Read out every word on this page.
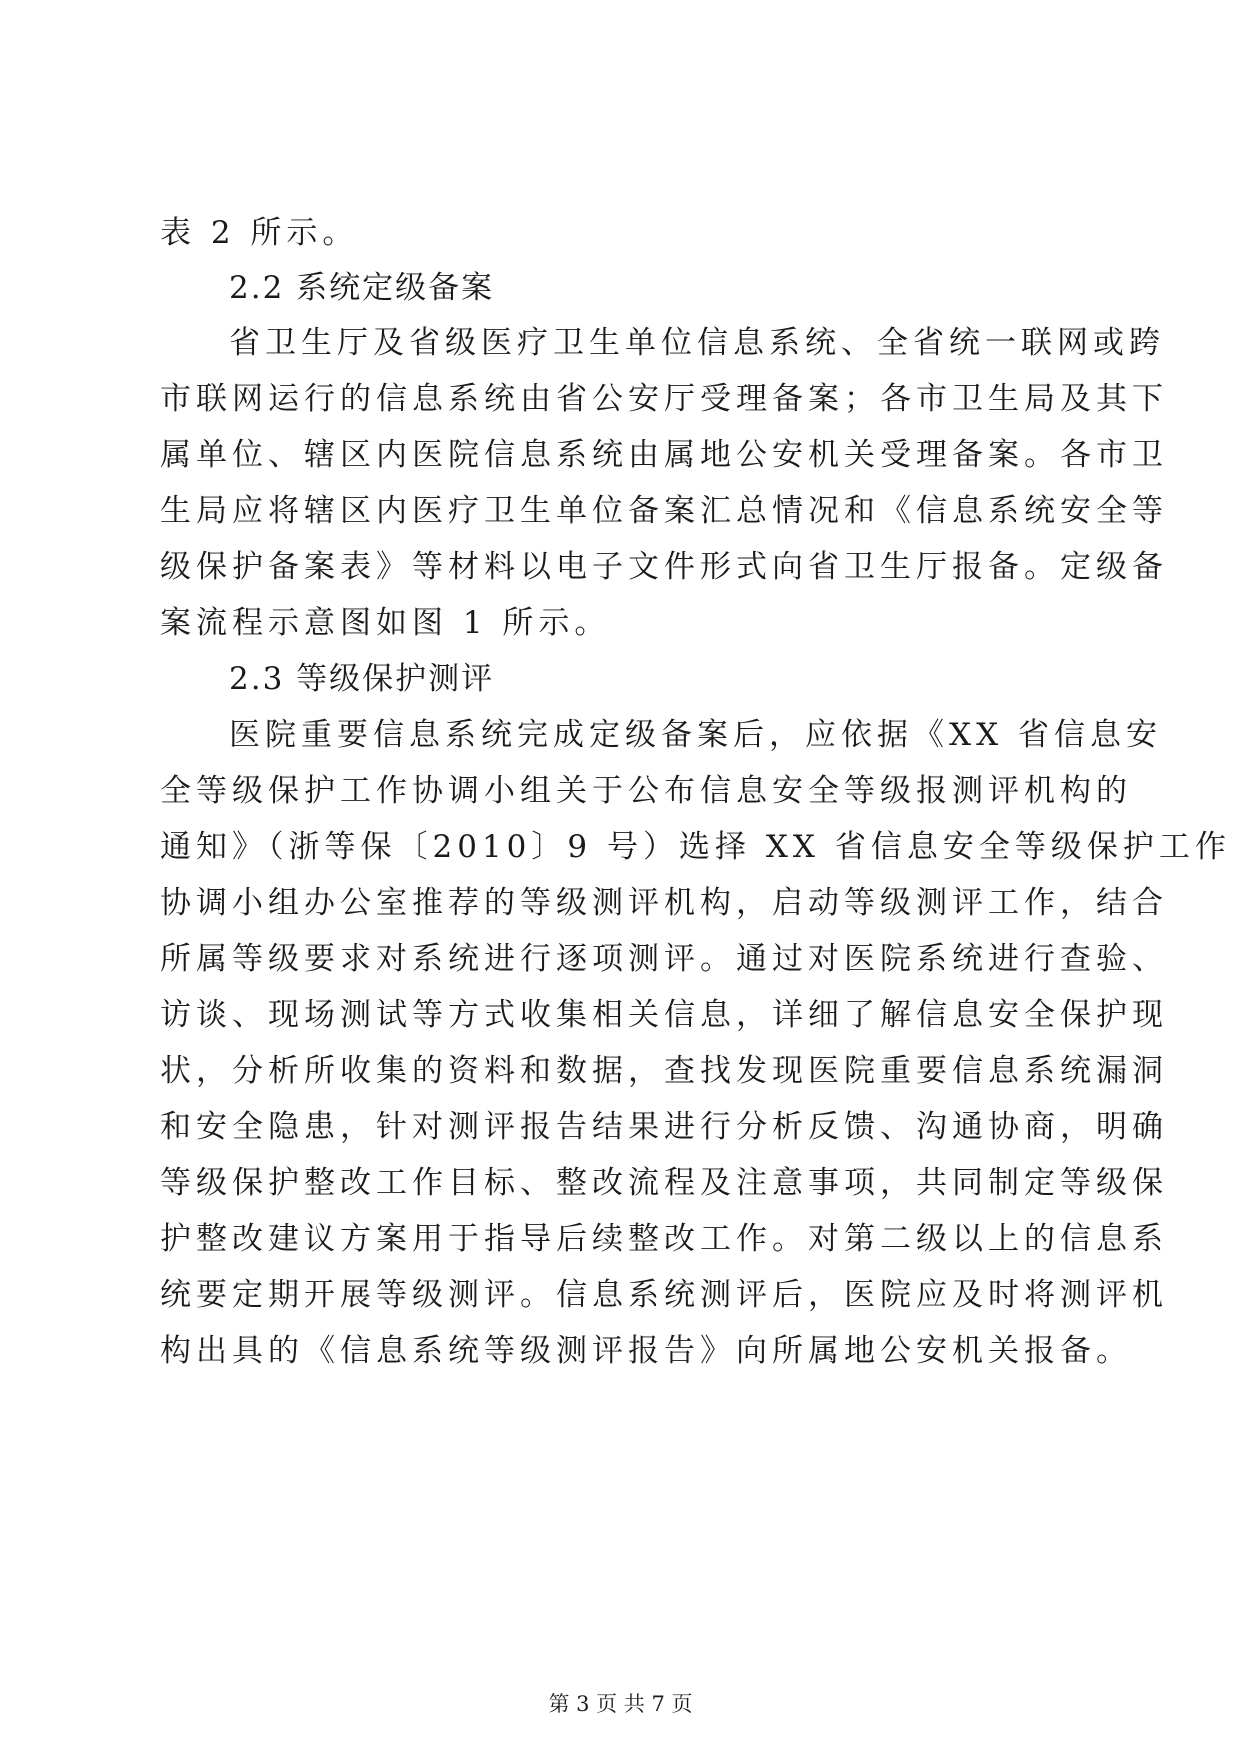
表 2 所示。

2.2 系统定级备案

省卫生厅及省级医疗卫生单位信息系统、全省统一联网或跨

市联网运行的信息系统由省公安厅受理备案；各市卫生局及其下

属单位、辖区内医院信息系统由属地公安机关受理备案。各市卫

生局应将辖区内医疗卫生单位备案汇总情况和《信息系统安全等

级保护备案表》等材料以电子文件形式向省卫生厅报备。定级备

案流程示意图如图 1 所示。

2.3 等级保护测评

医院重要信息系统完成定级备案后，应依据《XX 省信息安

全等级保护工作协调小组关于公布信息安全等级报测评机构的

通知》（浙等保〔2010〕9 号）选择 XX 省信息安全等级保护工作

协调小组办公室推荐的等级测评机构，启动等级测评工作，结合

所属等级要求对系统进行逐项测评。通过对医院系统进行查验、

访谈、现场测试等方式收集相关信息，详细了解信息安全保护现

状，分析所收集的资料和数据，查找发现医院重要信息系统漏洞

和安全隐患，针对测评报告结果进行分析反馈、沟通协商，明确

等级保护整改工作目标、整改流程及注意事项，共同制定等级保

护整改建议方案用于指导后续整改工作。对第二级以上的信息系

统要定期开展等级测评。信息系统测评后，医院应及时将测评机

构出具的《信息系统等级测评报告》向所属地公安机关报备。

第 3 页 共 7 页
